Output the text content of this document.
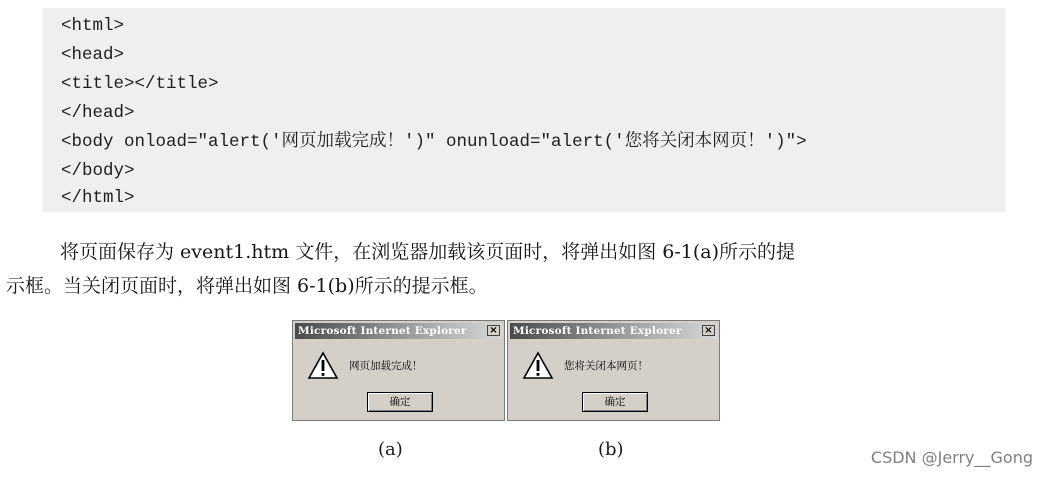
<html>
<head>
<title></title>
</head>
<body onload="alert('网页加载完成！')" onunload="alert('您将关闭本网页！')">
</body>
</html>
将页面保存为 event1.htm 文件，在浏览器加载该页面时，将弹出如图 6-1(a)所示的提
示框。当关闭页面时，将弹出如图 6-1(b)所示的提示框。
Microsoft Internet Explorer ×
网页加载完成！
确定
(a)
Microsoft Internet Explorer ×
您将关闭本网页！
确定
(b)	CSDN @Jerry__Gong
